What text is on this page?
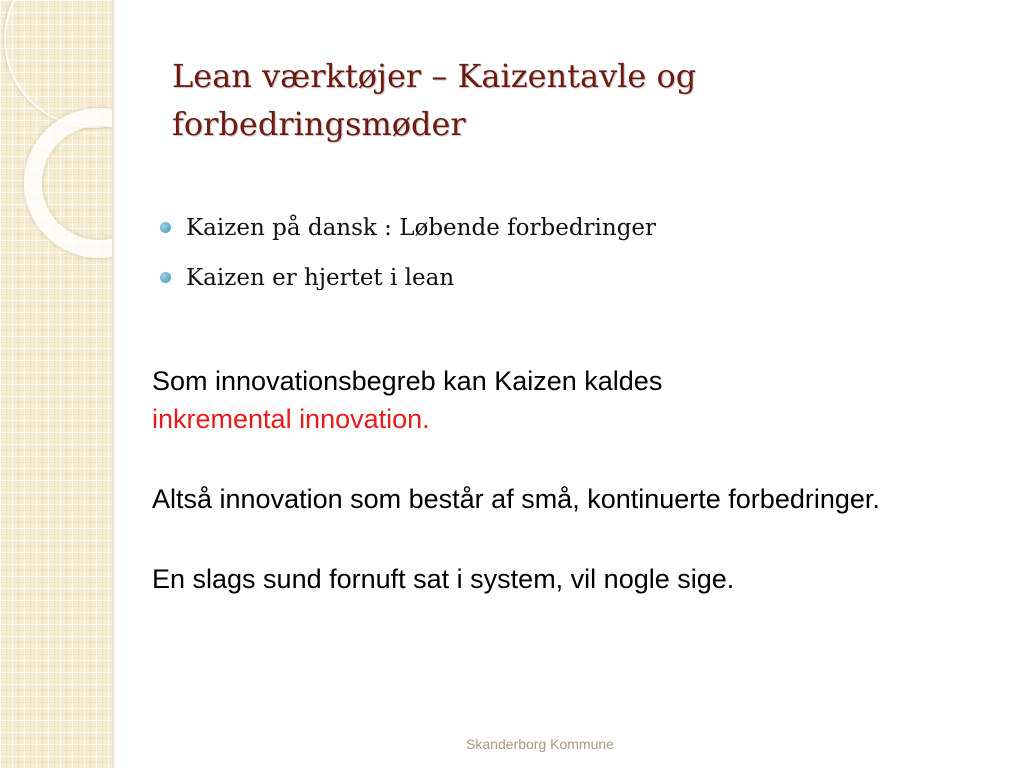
Lean værktøjer – Kaizentavle og forbedringsmøder
Kaizen på dansk : Løbende forbedringer
Kaizen er hjertet i lean

Som innovationsbegreb kan Kaizen kaldes
inkremental innovation.

Altså innovation som består af små, kontinuerte forbedringer.

En slags sund fornuft sat i system, vil nogle sige.

Skanderborg Kommune
